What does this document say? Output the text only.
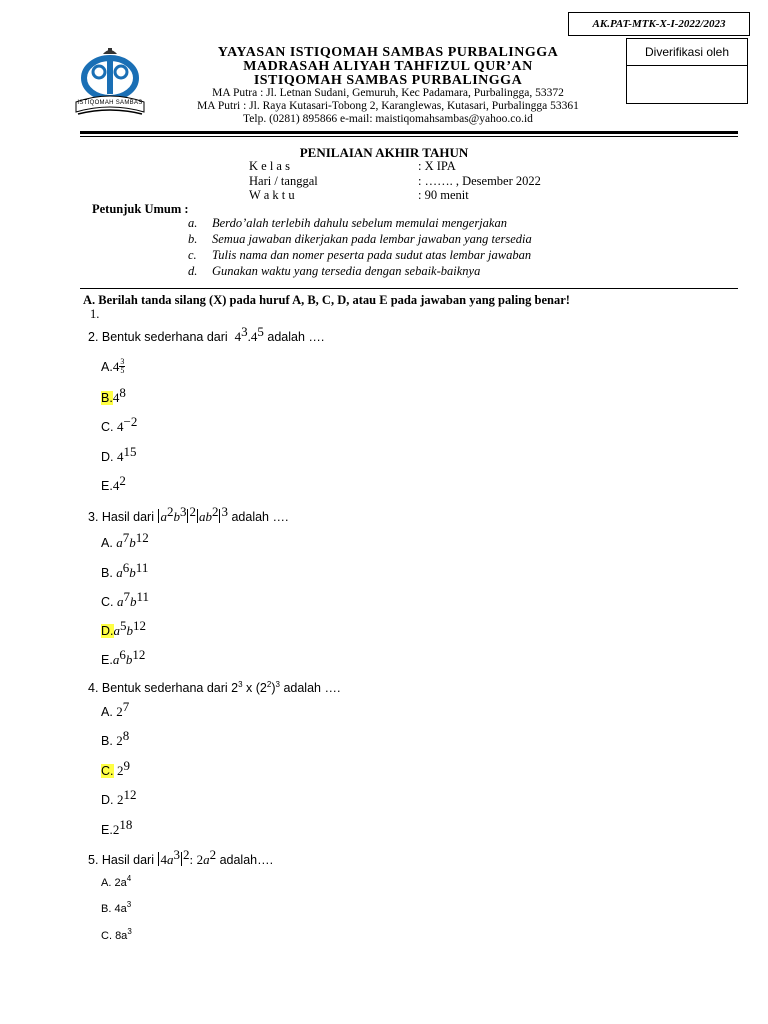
AK.PAT-MTK-X-I-2022/2023
Diverifikasi oleh
ISTIQOMAH SAMBAS
YAYASAN ISTIQOMAH SAMBAS PURBALINGGA
MADRASAH ALIYAH TAHFIZUL QUR’AN
ISTIQOMAH SAMBAS PURBALINGGA
MA Putra : Jl. Letnan Sudani, Gemuruh, Kec Padamara, Purbalingga, 53372
MA Putri : Jl. Raya Kutasari-Tobong 2, Karanglewas, Kutasari, Purbalingga 53361
Telp. (0281) 895866 e-mail: maistiqomahsambas@yahoo.co.id
PENILAIAN AKHIR TAHUN
K e l a s	: X IPA
Hari / tanggal	: ……. , Desember 2022
W a k t u	: 90 menit
Petunjuk Umum :
a. Berdo’alah terlebih dahulu sebelum memulai mengerjakan
b. Semua jawaban dikerjakan pada lembar jawaban yang tersedia
c. Tulis nama dan nomer peserta pada sudut atas lembar jawaban
d. Gunakan waktu yang tersedia dengan sebaik-baiknya
A. Berilah tanda silang (X) pada huruf A, B, C, D, atau E pada jawaban yang paling benar!
1.
2. Bentuk sederhana dari $4^3.4^5$ adalah ….
$A.4 \frac{3}{5}$
$B.4^8$
C. $4^{-2}$
D. $4^{15}$
$E.4^2$
3. Hasil dari $a^2b^3$ $^2$ $ab^2$ $^3$ adalah ….
A. $a^7b^{12}$
B. $a^6b^{11}$
C. $a^7b^{11}$
$D.a^5b^{12}$
$E.a^6b^{12}$
4. Bentuk sederhana dari $2^3$ x $(2^2)^3$ adalah ….
A. $2^7$
B. $2^8$
C. $2^9$
D. $2^{12}$
$E.2^{18}$
5. Hasil dari $4a^3$ $^2$: $2a^2$ adalah….
A. $2a^4$
B. $4a^3$
C. $8a^3$
